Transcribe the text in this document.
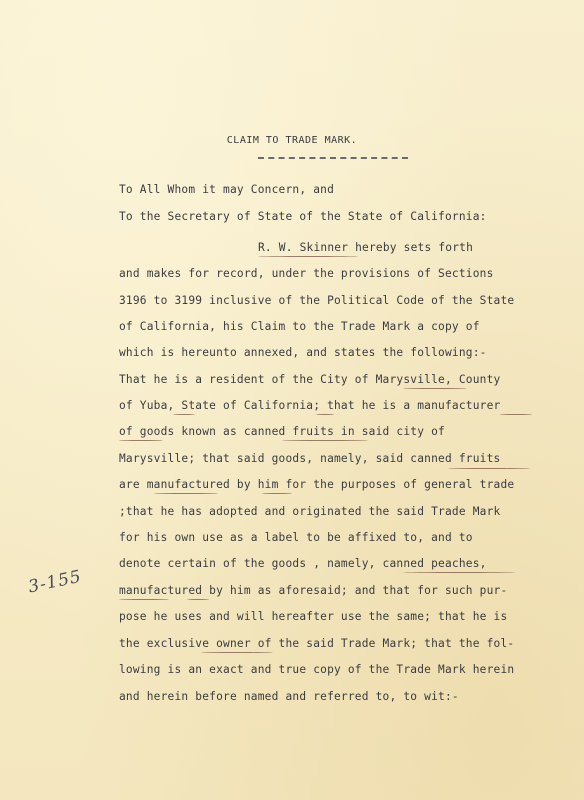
CLAIM TO TRADE MARK.
To All Whom it may Concern, and
To the Secretary of State of the State of California:
R. W. Skinner hereby sets forth
and makes for record, under the provisions of Sections
3196 to 3199 inclusive of the Political Code of the State
of California, his Claim to the Trade Mark a copy of
which is hereunto annexed, and states the following:-
That he is a resident of the City of Marysville, County
of Yuba, State of California; that he is a manufacturer
of goods known as canned fruits in said city of
Marysville; that said goods, namely, said canned fruits
are manufactured by him for the purposes of general trade
;that he has adopted and originated the said Trade Mark
for his own use as a label to be affixed to, and to
denote certain of the goods , namely, canned peaches,
manufactured by him as aforesaid; and that for such pur-
pose he uses and will hereafter use the same; that he is
the exclusive owner of the said Trade Mark; that the fol-
lowing is an exact and true copy of the Trade Mark herein
and herein before named and referred to, to wit:-
3-155
